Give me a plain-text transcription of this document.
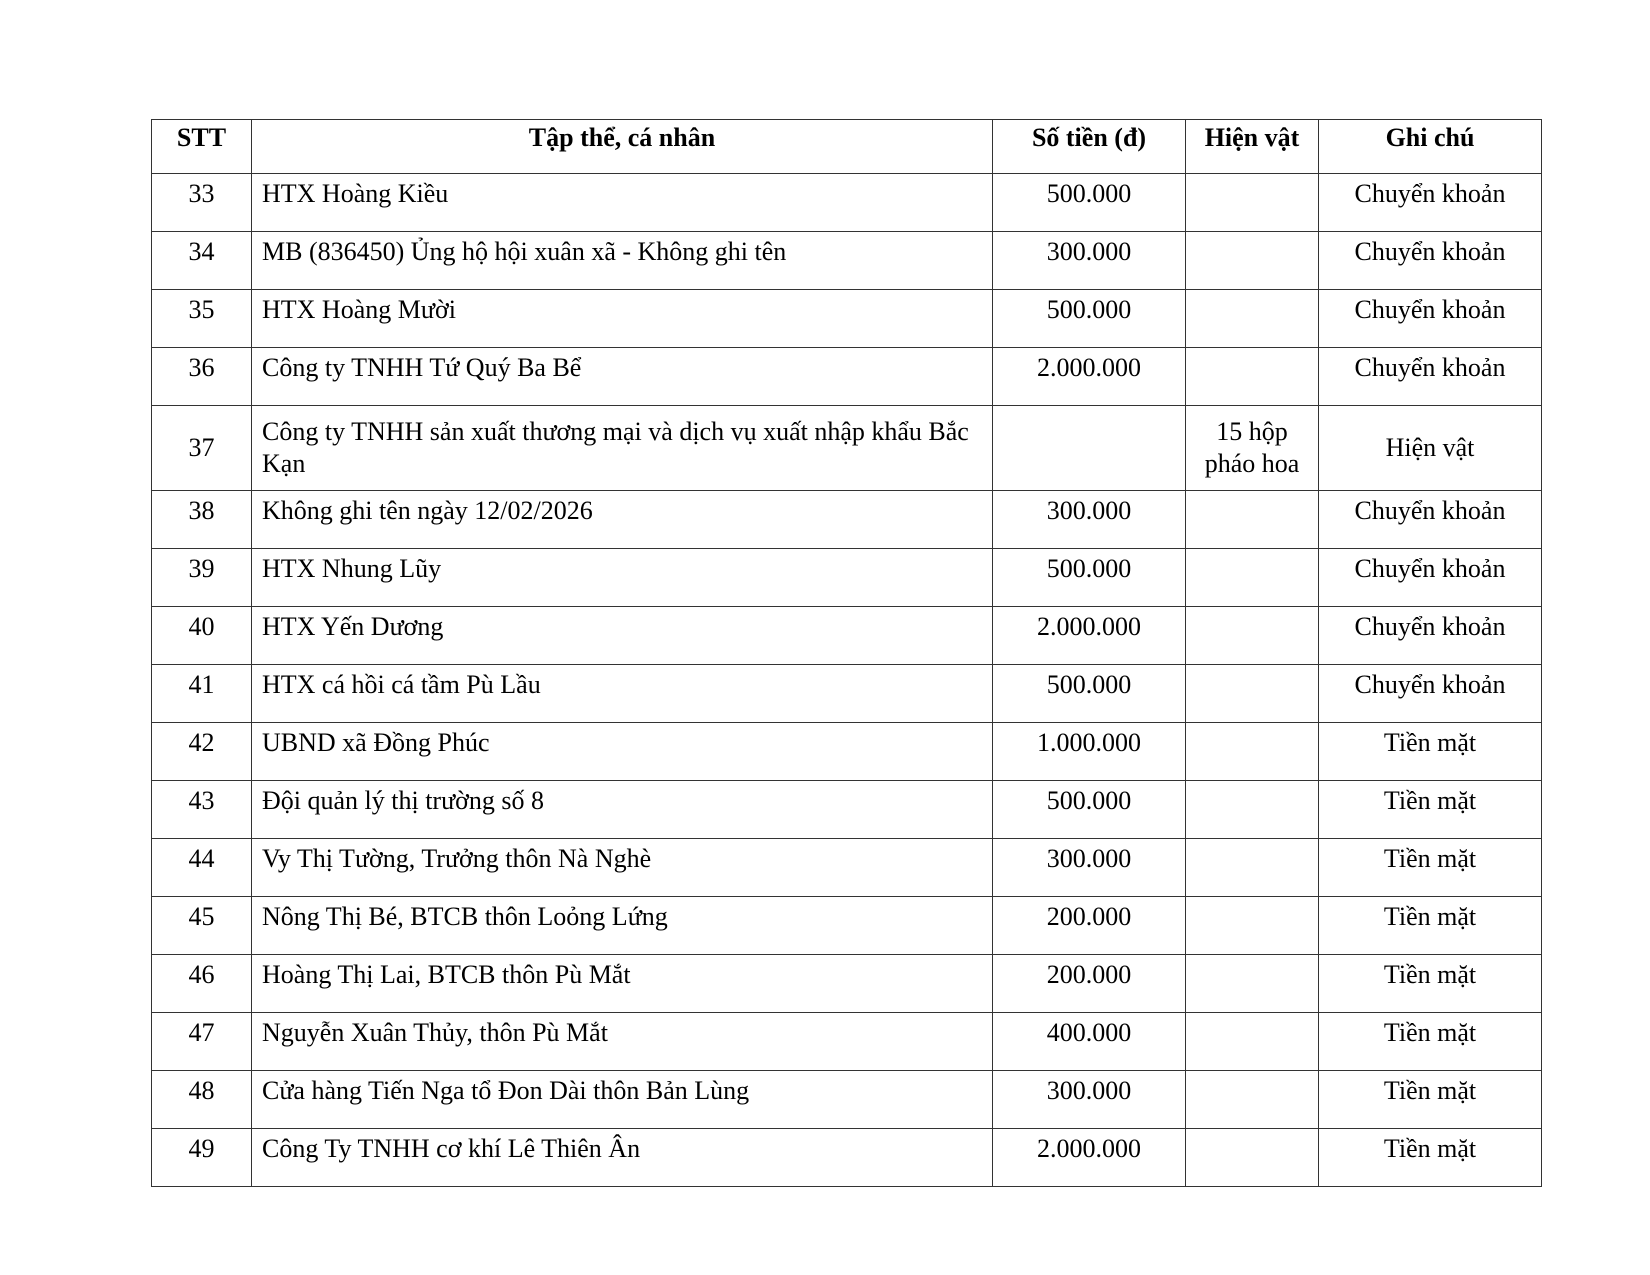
STT	Tập thể, cá nhân	Số tiền (đ)	Hiện vật	Ghi chú
33	HTX Hoàng Kiều	500.000		Chuyển khoản
34	MB (836450) Ủng hộ hội xuân xã - Không ghi tên	300.000		Chuyển khoản
35	HTX Hoàng Mười	500.000		Chuyển khoản
36	Công ty TNHH Tứ Quý Ba Bể	2.000.000		Chuyển khoản
37	Công ty TNHH sản xuất thương mại và dịch vụ xuất nhập khẩu Bắc Kạn		15 hộp pháo hoa	Hiện vật
38	Không ghi tên ngày 12/02/2026	300.000		Chuyển khoản
39	HTX Nhung Lũy	500.000		Chuyển khoản
40	HTX Yến Dương	2.000.000		Chuyển khoản
41	HTX cá hồi cá tầm Pù Lầu	500.000		Chuyển khoản
42	UBND xã Đồng Phúc	1.000.000		Tiền mặt
43	Đội quản lý thị trường số 8	500.000		Tiền mặt
44	Vy Thị Tường, Trưởng thôn Nà Nghè	300.000		Tiền mặt
45	Nông Thị Bé, BTCB thôn Loỏng Lứng	200.000		Tiền mặt
46	Hoàng Thị Lai, BTCB thôn Pù Mắt	200.000		Tiền mặt
47	Nguyễn Xuân Thủy, thôn Pù Mắt	400.000		Tiền mặt
48	Cửa hàng Tiến Nga tổ Đon Dài thôn Bản Lùng	300.000		Tiền mặt
49	Công Ty TNHH cơ khí Lê Thiên Ân	2.000.000		Tiền mặt
